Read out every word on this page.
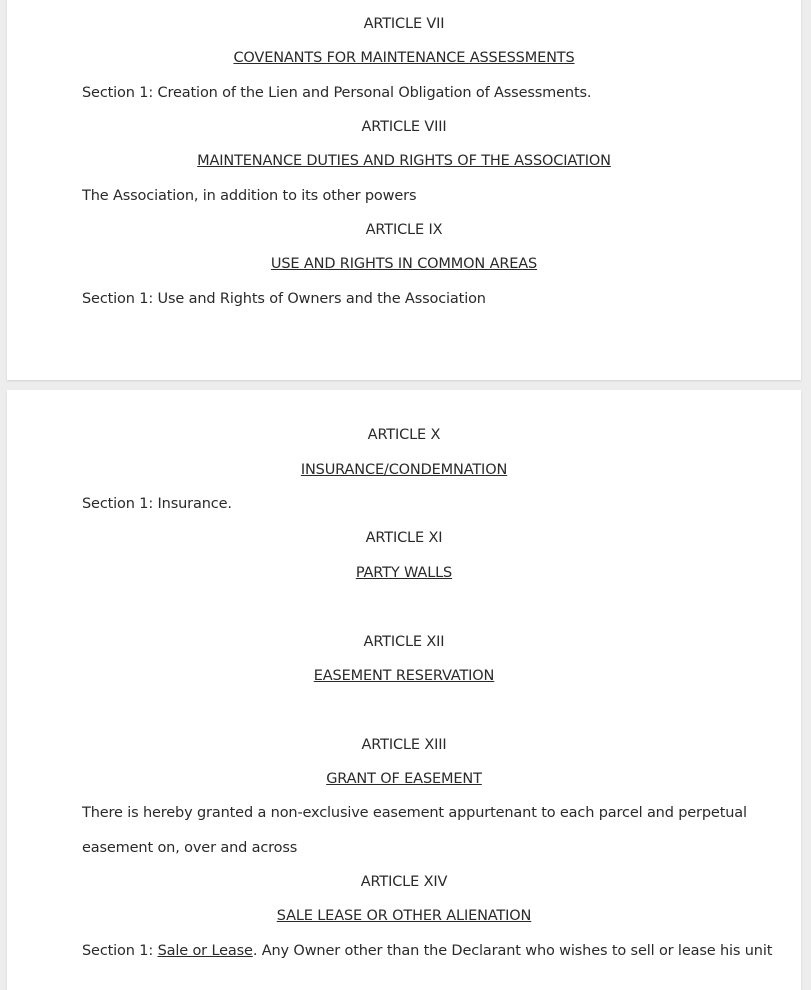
ARTICLE VII
COVENANTS FOR MAINTENANCE ASSESSMENTS
Section 1: Creation of the Lien and Personal Obligation of Assessments.
ARTICLE VIII
MAINTENANCE DUTIES AND RIGHTS OF THE ASSOCIATION
The Association, in addition to its other powers
ARTICLE IX
USE AND RIGHTS IN COMMON AREAS
Section 1: Use and Rights of Owners and the Association
ARTICLE X
INSURANCE/CONDEMNATION
Section 1: Insurance.
ARTICLE XI
PARTY WALLS
ARTICLE XII
EASEMENT RESERVATION
ARTICLE XIII
GRANT OF EASEMENT
There is hereby granted a non-exclusive easement appurtenant to each parcel and perpetual
easement on, over and across
ARTICLE XIV
SALE LEASE OR OTHER ALIENATION
Section 1: Sale or Lease. Any Owner other than the Declarant who wishes to sell or lease his unit
